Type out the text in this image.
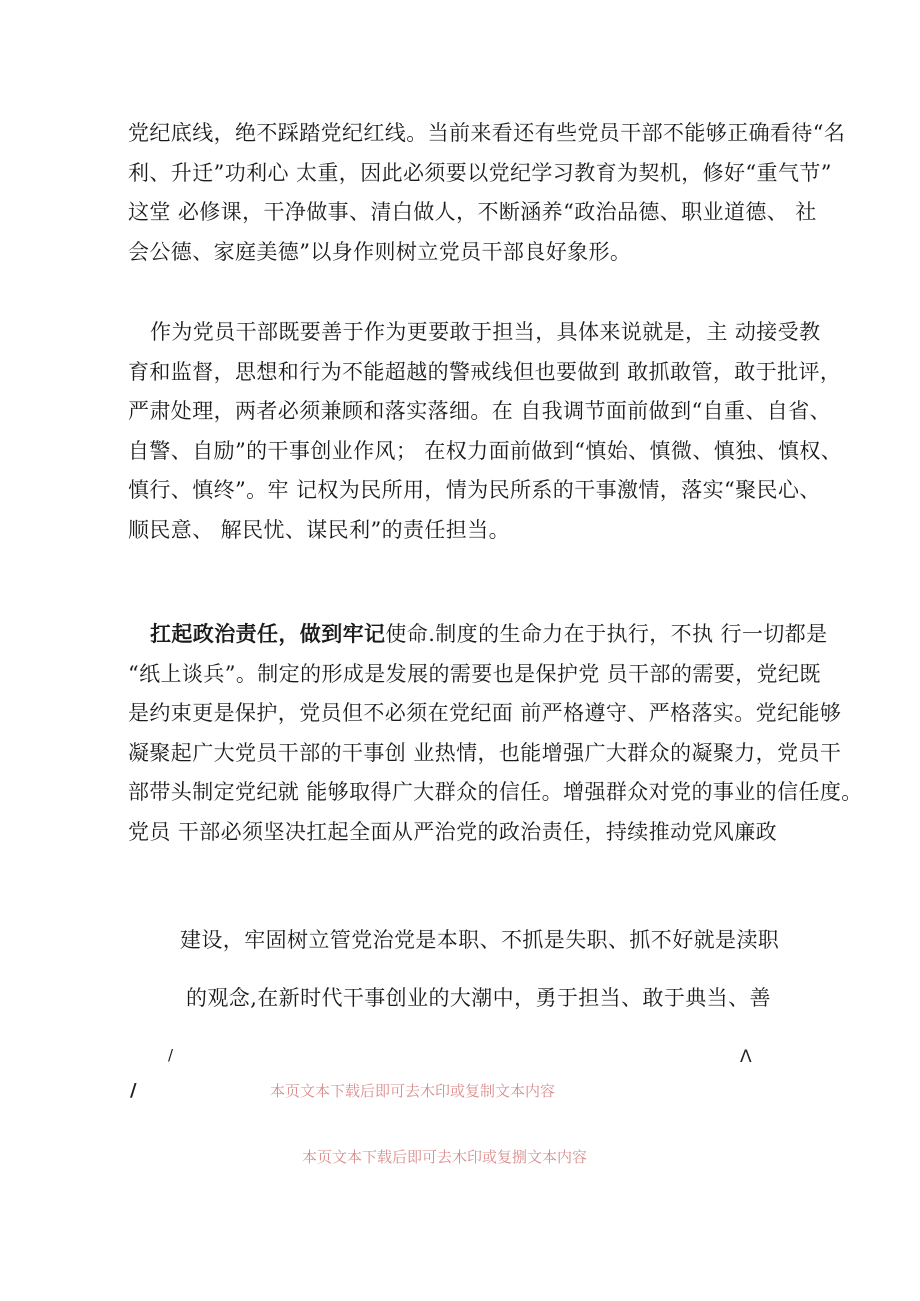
党纪底线，绝不踩踏党纪红线。当前来看还有些党员干部不能够正确看待“名
利、升迁”功利心 太重，因此必须要以党纪学习教育为契机，修好“重气节”
这堂 必修课，干净做事、清白做人，不断涵养“政治品德、职业道德、 社
会公德、家庭美德”以身作则树立党员干部良好象形。

作为党员干部既要善于作为更要敢于担当，具体来说就是，主 动接受教
育和监督，思想和行为不能超越的警戒线但也要做到 敢抓敢管，敢于批评，
严肃处理，两者必须兼顾和落实落细。在 自我调节面前做到“自重、自省、
自警、自励”的干事创业作风； 在权力面前做到“慎始、慎微、慎独、慎权、
慎行、慎终”。牢 记权为民所用，情为民所系的干事激情，落实“聚民心、
顺民意、 解民忧、谋民利”的责任担当。

扛起政治责任，做到牢记使命.制度的生命力在于执行，不执 行一切都是
“纸上谈兵”。制定的形成是发展的需要也是保护党 员干部的需要，党纪既
是约束更是保护，党员但不必须在党纪面 前严格遵守、严格落实。党纪能够
凝聚起广大党员干部的干事创 业热情，也能增强广大群众的凝聚力，党员干
部带头制定党纪就 能够取得广大群众的信任。增强群众对党的事业的信任度。
党员 干部必须坚决扛起全面从严治党的政治责任，持续推动党风廉政

建设，牢固树立管党治党是本职、不抓是失职、抓不好就是渎职
的观念,在新时代干事创业的大潮中，勇于担当、敢于典当、善
/	Λ
/	本页文本下载后即可去木印或复制文本内容
本页文本下载后即可去木印或复捌文本内容
